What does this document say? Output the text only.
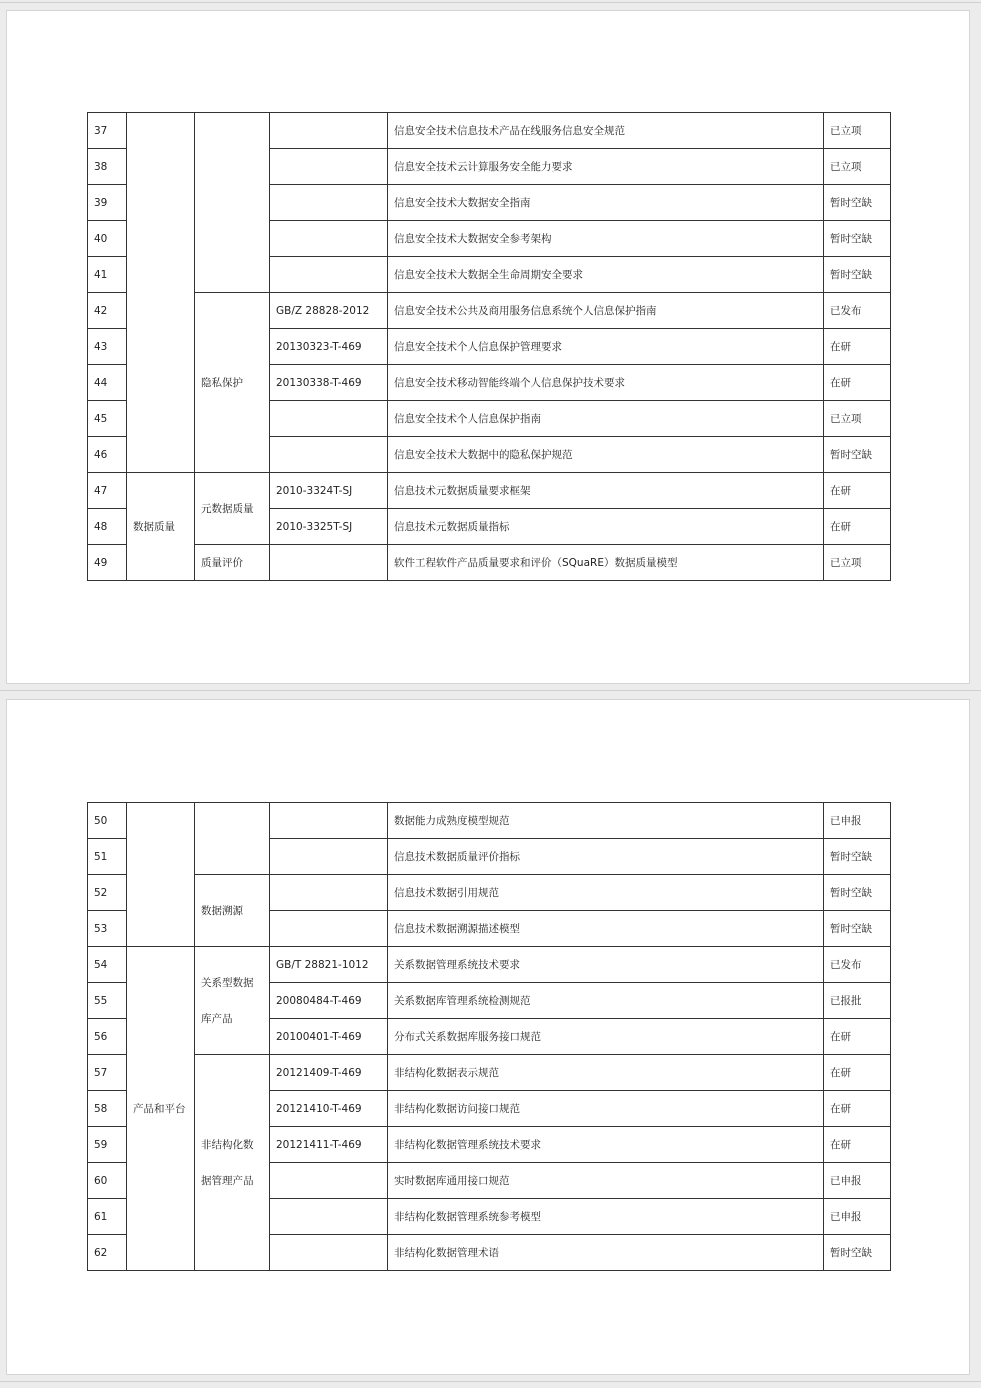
37				信息安全技术信息技术产品在线服务信息安全规范	已立项
38				信息安全技术云计算服务安全能力要求	已立项
39				信息安全技术大数据安全指南	暂时空缺
40				信息安全技术大数据安全参考架构	暂时空缺
41				信息安全技术大数据全生命周期安全要求	暂时空缺
42		隐私保护	GB/Z 28828-2012	信息安全技术公共及商用服务信息系统个人信息保护指南	已发布
43			20130323-T-469	信息安全技术个人信息保护管理要求	在研
44			20130338-T-469	信息安全技术移动智能终端个人信息保护技术要求	在研
45				信息安全技术个人信息保护指南	已立项
46				信息安全技术大数据中的隐私保护规范	暂时空缺
47	数据质量	元数据质量	2010-3324T-SJ	信息技术元数据质量要求框架	在研
48			2010-3325T-SJ	信息技术元数据质量指标	在研
49		质量评价		软件工程软件产品质量要求和评价（SQuaRE）数据质量模型	已立项
50				数据能力成熟度模型规范	已申报
51				信息技术数据质量评价指标	暂时空缺
52		数据溯源		信息技术数据引用规范	暂时空缺
53				信息技术数据溯源描述模型	暂时空缺
54	产品和平台	关系型数据库产品	GB/T 28821-1012	关系数据管理系统技术要求	已发布
55			20080484-T-469	关系数据库管理系统检测规范	已报批
56			20100401-T-469	分布式关系数据库服务接口规范	在研
57		非结构化数据管理产品	20121409-T-469	非结构化数据表示规范	在研
58			20121410-T-469	非结构化数据访问接口规范	在研
59			20121411-T-469	非结构化数据管理系统技术要求	在研
60				实时数据库通用接口规范	已申报
61				非结构化数据管理系统参考模型	已申报
62				非结构化数据管理术语	暂时空缺
